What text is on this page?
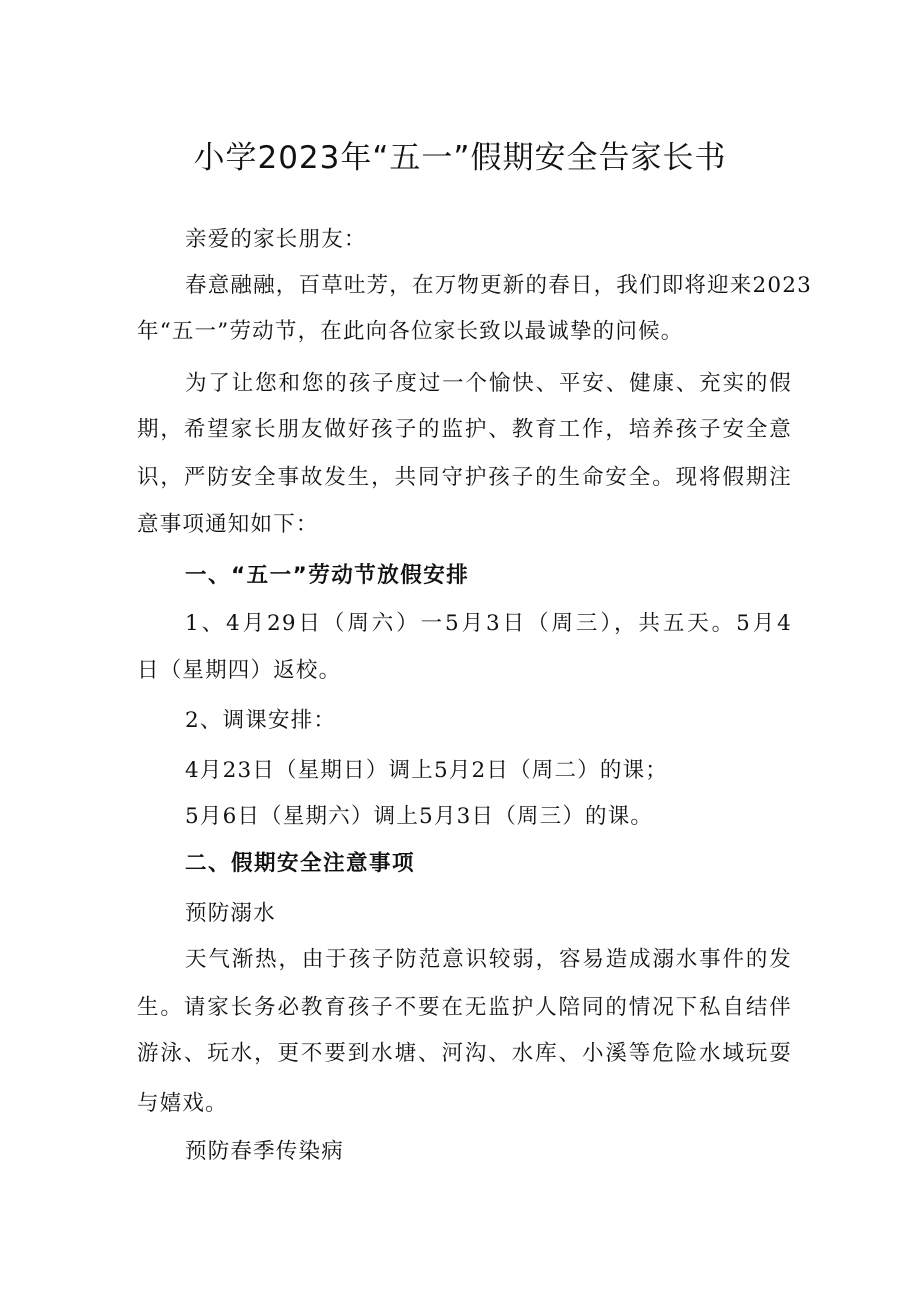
小学2023年“五一”假期安全告家长书
亲爱的家长朋友：
春意融融，百草吐芳，在万物更新的春日，我们即将迎来2023
年“五一”劳动节，在此向各位家长致以最诚挚的问候。
为了让您和您的孩子度过一个愉快、平安、健康、充实的假
期，希望家长朋友做好孩子的监护、教育工作，培养孩子安全意
识，严防安全事故发生，共同守护孩子的生命安全。现将假期注
意事项通知如下：
一、“五一”劳动节放假安排
1、4月29日（周六）一5月3日（周三），共五天。5月4
日（星期四）返校。
2、调课安排：
4月23日（星期日）调上5月2日（周二）的课；
5月6日（星期六）调上5月3日（周三）的课。
二、假期安全注意事项
预防溺水
天气渐热，由于孩子防范意识较弱，容易造成溺水事件的发
生。请家长务必教育孩子不要在无监护人陪同的情况下私自结伴
游泳、玩水，更不要到水塘、河沟、水库、小溪等危险水域玩耍
与嬉戏。
预防春季传染病
